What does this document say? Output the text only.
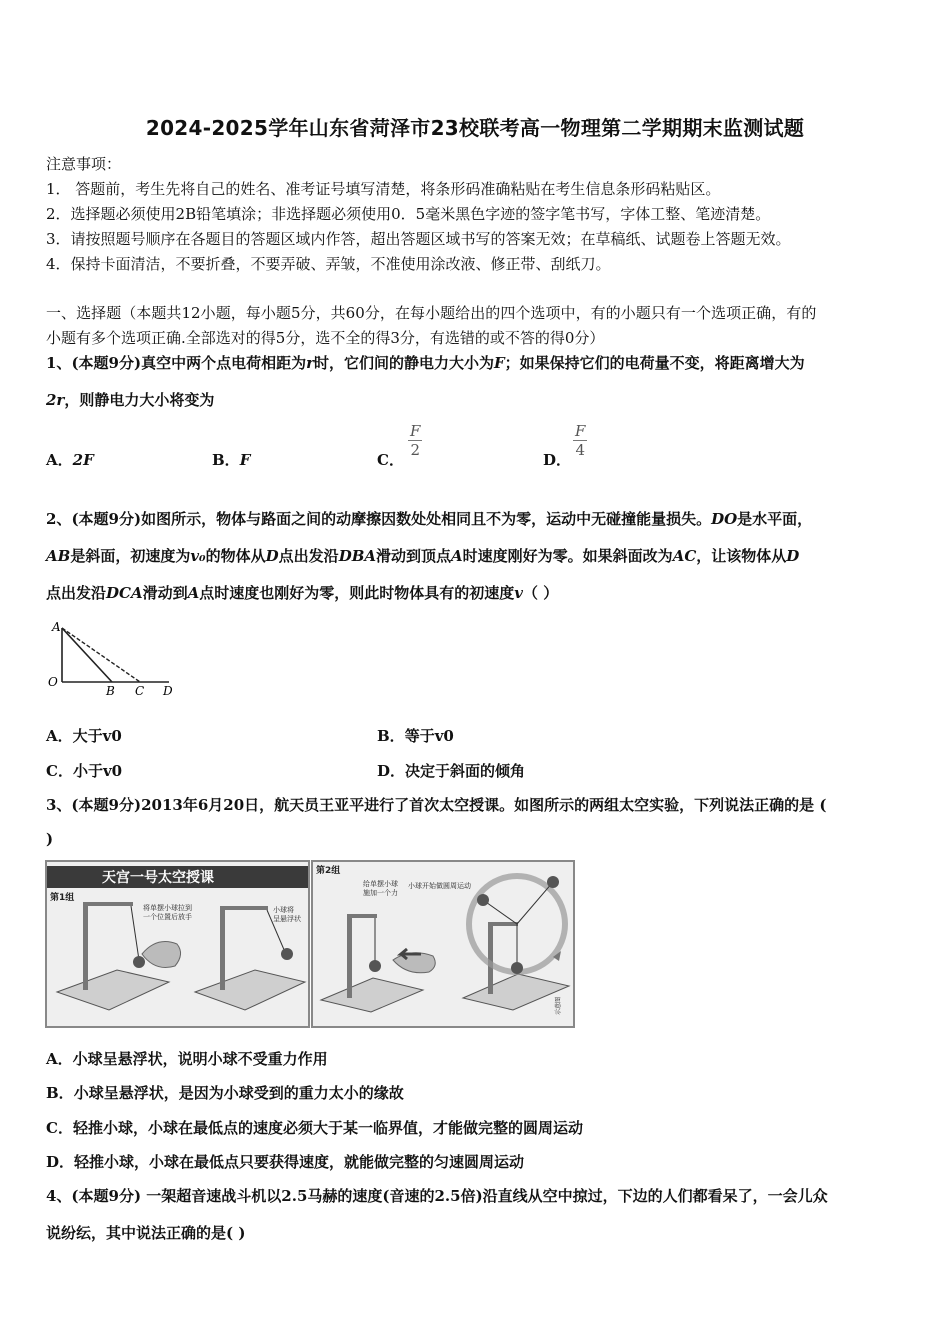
2024-2025学年山东省菏泽市23校联考高一物理第二学期期末监测试题
注意事项：
1． 答题前，考生先将自己的姓名、准考证号填写清楚，将条形码准确粘贴在考生信息条形码粘贴区。
2．选择题必须使用2B铅笔填涂；非选择题必须使用0．5毫米黑色字迹的签字笔书写，字体工整、笔迹清楚。
3．请按照题号顺序在各题目的答题区域内作答，超出答题区域书写的答案无效；在草稿纸、试题卷上答题无效。
4．保持卡面清洁，不要折叠，不要弄破、弄皱，不准使用涂改液、修正带、刮纸刀。
一、选择题（本题共12小题，每小题5分，共60分，在每小题给出的四个选项中，有的小题只有一个选项正确，有的
小题有多个选项正确.全部选对的得5分，选不全的得3分，有选错的或不答的得0分）
1、(本题9分)真空中两个点电荷相距为r时，它们间的静电力大小为F；如果保持它们的电荷量不变，将距离增大为
2r，则静电力大小将变为
A．2F	B．F	C．
$\frac{F}{2}$
D．
$\frac{F}{4}$
2、(本题9分)如图所示，物体与路面之间的动摩擦因数处处相同且不为零，运动中无碰撞能量损失。DO是水平面，
AB是斜面，初速度为v₀的物体从D点出发沿DBA滑动到顶点A时速度刚好为零。如果斜面改为AC，让该物体从D
点出发沿DCA滑动到A点时速度也刚好为零，则此时物体具有的初速度v（ ）
A
O
B C D
A．大于v0	B．等于v0
C．小于v0	D．决定于斜面的倾角
3、(本题9分)2013年6月20日，航天员王亚平进行了首次太空授课。如图所示的两组太空实验，下列说法正确的是 (
)
天宫一号太空授课
第1组
将单摆小球拉到
一个位置后放手
小球将
呈悬浮状
第2组
给单摆小球
施加一个力
小球开始做圆周运动
示意图
A．小球呈悬浮状，说明小球不受重力作用
B．小球呈悬浮状，是因为小球受到的重力太小的缘故
C．轻推小球，小球在最低点的速度必须大于某一临界值，才能做完整的圆周运动
D．轻推小球，小球在最低点只要获得速度，就能做完整的匀速圆周运动
4、(本题9分) 一架超音速战斗机以2.5马赫的速度(音速的2.5倍)沿直线从空中掠过，下边的人们都看呆了，一会儿众
说纷纭，其中说法正确的是( )
